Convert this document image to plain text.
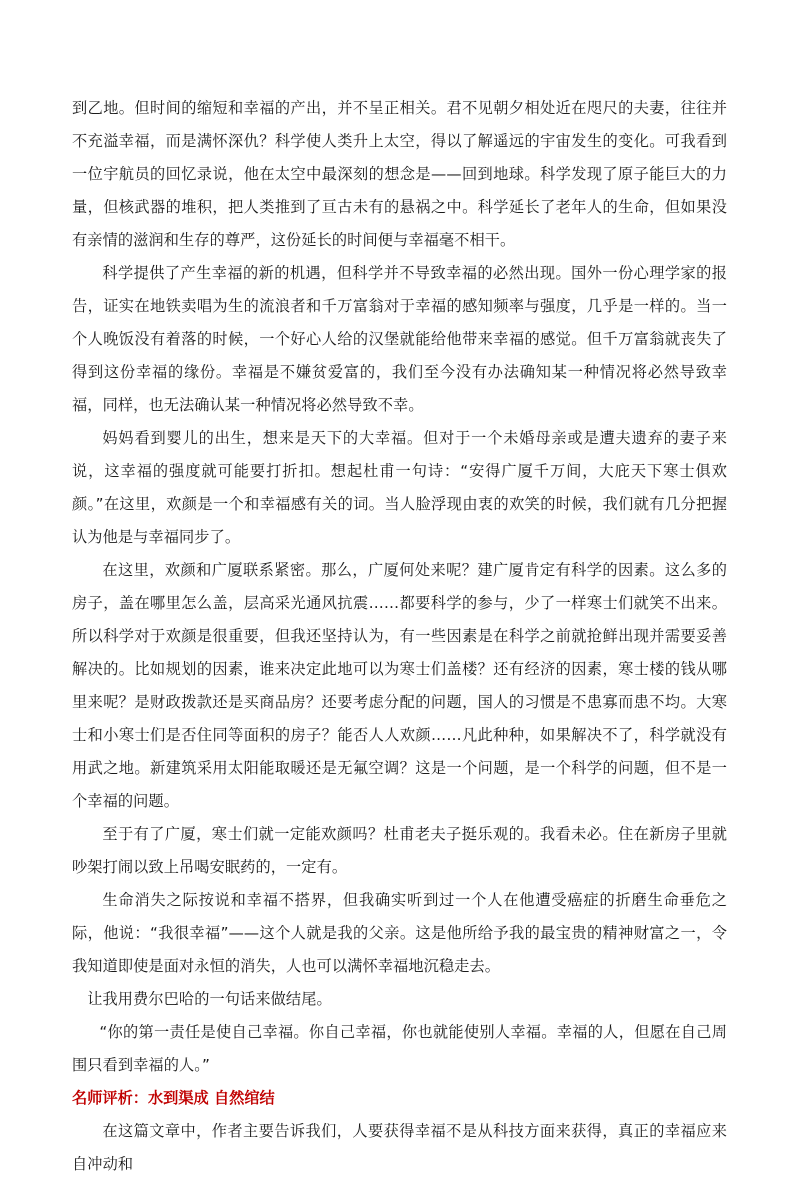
到乙地。但时间的缩短和幸福的产出，并不呈正相关。君不见朝夕相处近在咫尺的夫妻，往往并不充溢幸福，而是满怀深仇？科学使人类升上太空，得以了解遥远的宇宙发生的变化。可我看到一位宇航员的回忆录说，他在太空中最深刻的想念是——回到地球。科学发现了原子能巨大的力量，但核武器的堆积，把人类推到了亘古未有的悬祸之中。科学延长了老年人的生命，但如果没有亲情的滋润和生存的尊严，这份延长的时间便与幸福毫不相干。

科学提供了产生幸福的新的机遇，但科学并不导致幸福的必然出现。国外一份心理学家的报告，证实在地铁卖唱为生的流浪者和千万富翁对于幸福的感知频率与强度，几乎是一样的。当一个人晚饭没有着落的时候，一个好心人给的汉堡就能给他带来幸福的感觉。但千万富翁就丧失了得到这份幸福的缘份。幸福是不嫌贫爱富的，我们至今没有办法确知某一种情况将必然导致幸福，同样，也无法确认某一种情况将必然导致不幸。

妈妈看到婴儿的出生，想来是天下的大幸福。但对于一个未婚母亲或是遭夫遗弃的妻子来说，这幸福的强度就可能要打折扣。想起杜甫一句诗：“安得广厦千万间，大庇天下寒士俱欢颜。”在这里，欢颜是一个和幸福感有关的词。当人脸浮现由衷的欢笑的时候，我们就有几分把握认为他是与幸福同步了。

在这里，欢颜和广厦联系紧密。那么，广厦何处来呢？建广厦肯定有科学的因素。这么多的房子，盖在哪里怎么盖，层高采光通风抗震……都要科学的参与，少了一样寒士们就笑不出来。所以科学对于欢颜是很重要，但我还坚持认为，有一些因素是在科学之前就抢鲜出现并需要妥善解决的。比如规划的因素，谁来决定此地可以为寒士们盖楼？还有经济的因素，寒士楼的钱从哪里来呢？是财政拨款还是买商品房？还要考虑分配的问题，国人的习惯是不患寡而患不均。大寒士和小寒士们是否住同等面积的房子？能否人人欢颜……凡此种种，如果解决不了，科学就没有用武之地。新建筑采用太阳能取暖还是无氟空调？这是一个问题，是一个科学的问题，但不是一个幸福的问题。

至于有了广厦，寒士们就一定能欢颜吗？杜甫老夫子挺乐观的。我看未必。住在新房子里就吵架打闹以致上吊喝安眠药的，一定有。

生命消失之际按说和幸福不搭界，但我确实听到过一个人在他遭受癌症的折磨生命垂危之际，他说：“我很幸福”——这个人就是我的父亲。这是他所给予我的最宝贵的精神财富之一，令我知道即使是面对永恒的消失，人也可以满怀幸福地沉稳走去。

让我用费尔巴哈的一句话来做结尾。

“你的第一责任是使自己幸福。你自己幸福，你也就能使别人幸福。幸福的人，但愿在自己周围只看到幸福的人。”

名师评析：水到渠成 自然绾结

在这篇文章中，作者主要告诉我们，人要获得幸福不是从科技方面来获得，真正的幸福应来自冲动和
